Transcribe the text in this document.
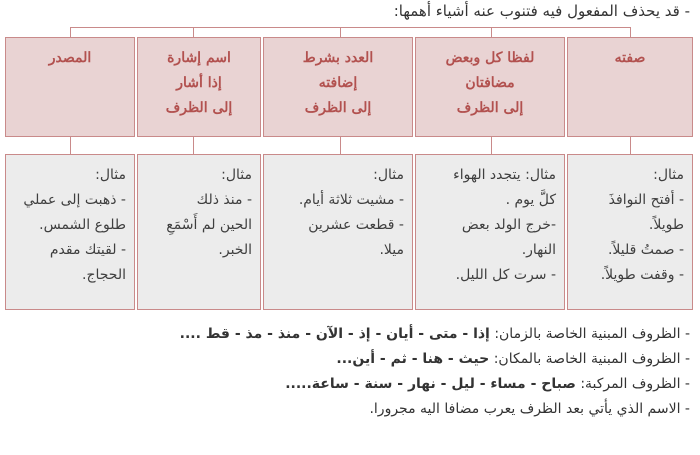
- قد يحذف المفعول فيه فتنوب عنه أشياء أهمها:
صفته
لفظا كل وبعض
مضافتان
إلى الظرف
العدد بشرط
إضافته
إلى الظرف
اسم إشارة
إذا أشار
إلى الظرف
المصدر
مثال:
- أفتح النوافذَ
طويلاً.
- صمتُ قليلاً.
- وقفت طويلاً.
مثال: يتجدد الهواء
كلَّ يوم .
-خرج الولد بعض
النهار.
- سرت كل الليل.
مثال:
- مشيت ثلاثة أيام.
- قطعت عشرين
ميلا.
مثال:
- منذ ذلك
الحين لم أَسْمَعِ
الخبر.
مثال:
- ذهبت إلى عملي
طلوع الشمس.
- لقيتك مقدم
الحجاج.
- الظروف المبنية الخاصة بالزمان: إذا - متى - أيان - إذ - الآن - منذ - مذ - قط ....
- الظروف المبنية الخاصة بالمكان: حيث - هنا - ثم - أين...
- الظروف المركبة: صباح - مساء - ليل - نهار - سنة - ساعة.....
- الاسم الذي يأتي بعد الظرف يعرب مضافا اليه مجرورا.
